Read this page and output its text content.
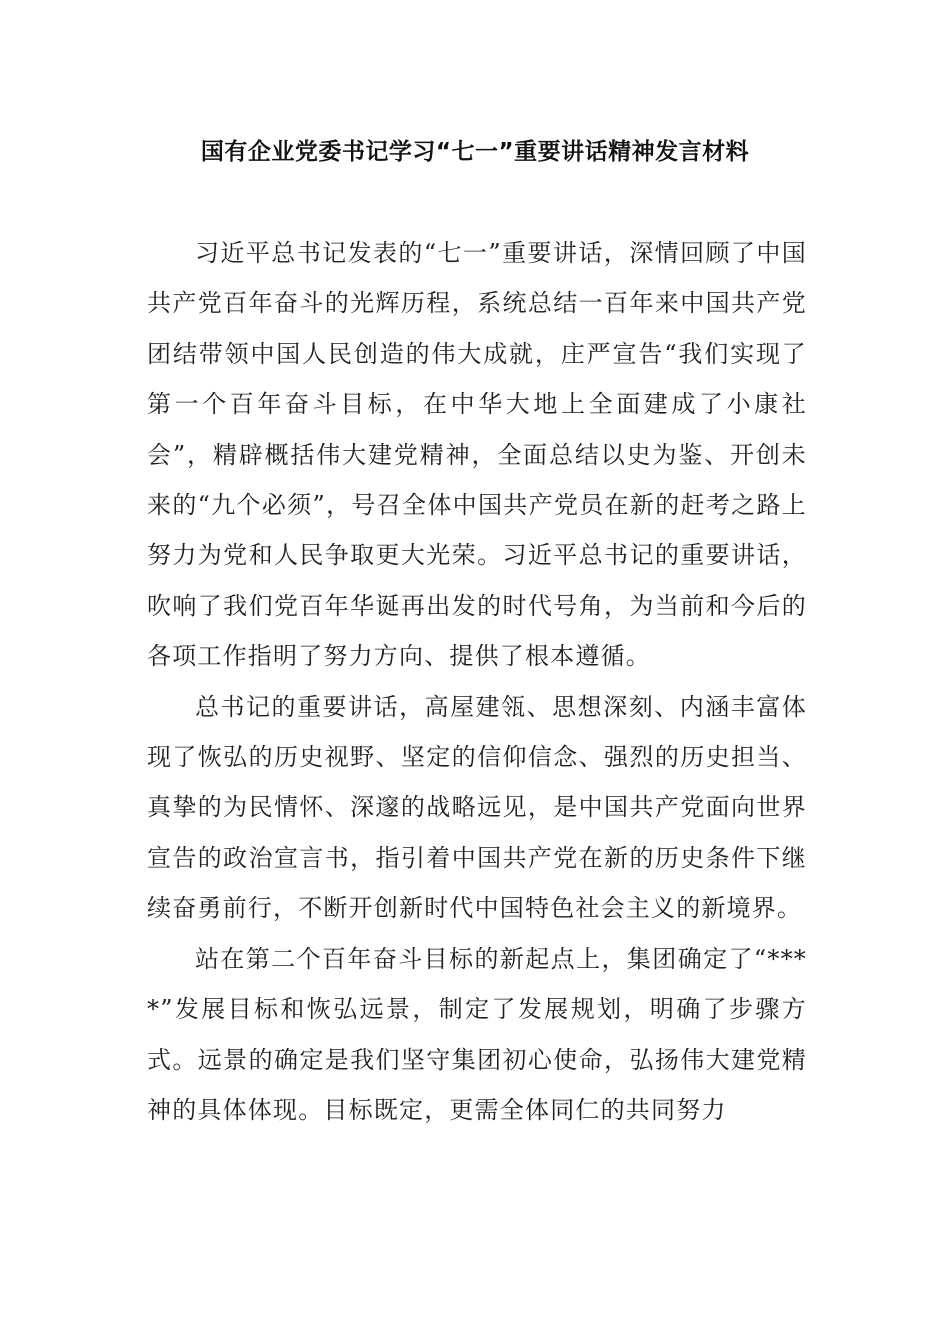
国有企业党委书记学习“七一”重要讲话精神发言材料

习近平总书记发表的“七一”重要讲话，深情回顾了中国共产党百年奋斗的光辉历程，系统总结一百年来中国共产党团结带领中国人民创造的伟大成就，庄严宣告“我们实现了第一个百年奋斗目标，在中华大地上全面建成了小康社会”，精辟概括伟大建党精神，全面总结以史为鉴、开创未来的“九个必须”，号召全体中国共产党员在新的赶考之路上努力为党和人民争取更大光荣。习近平总书记的重要讲话，吹响了我们党百年华诞再出发的时代号角，为当前和今后的各项工作指明了努力方向、提供了根本遵循。

总书记的重要讲话，高屋建瓴、思想深刻、内涵丰富体现了恢弘的历史视野、坚定的信仰信念、强烈的历史担当、真挚的为民情怀、深邃的战略远见，是中国共产党面向世界宣告的政治宣言书，指引着中国共产党在新的历史条件下继续奋勇前行，不断开创新时代中国特色社会主义的新境界。

站在第二个百年奋斗目标的新起点上，集团确定了“****”发展目标和恢弘远景，制定了发展规划，明确了步骤方式。远景的确定是我们坚守集团初心使命，弘扬伟大建党精神的具体体现。目标既定，更需全体同仁的共同努力
